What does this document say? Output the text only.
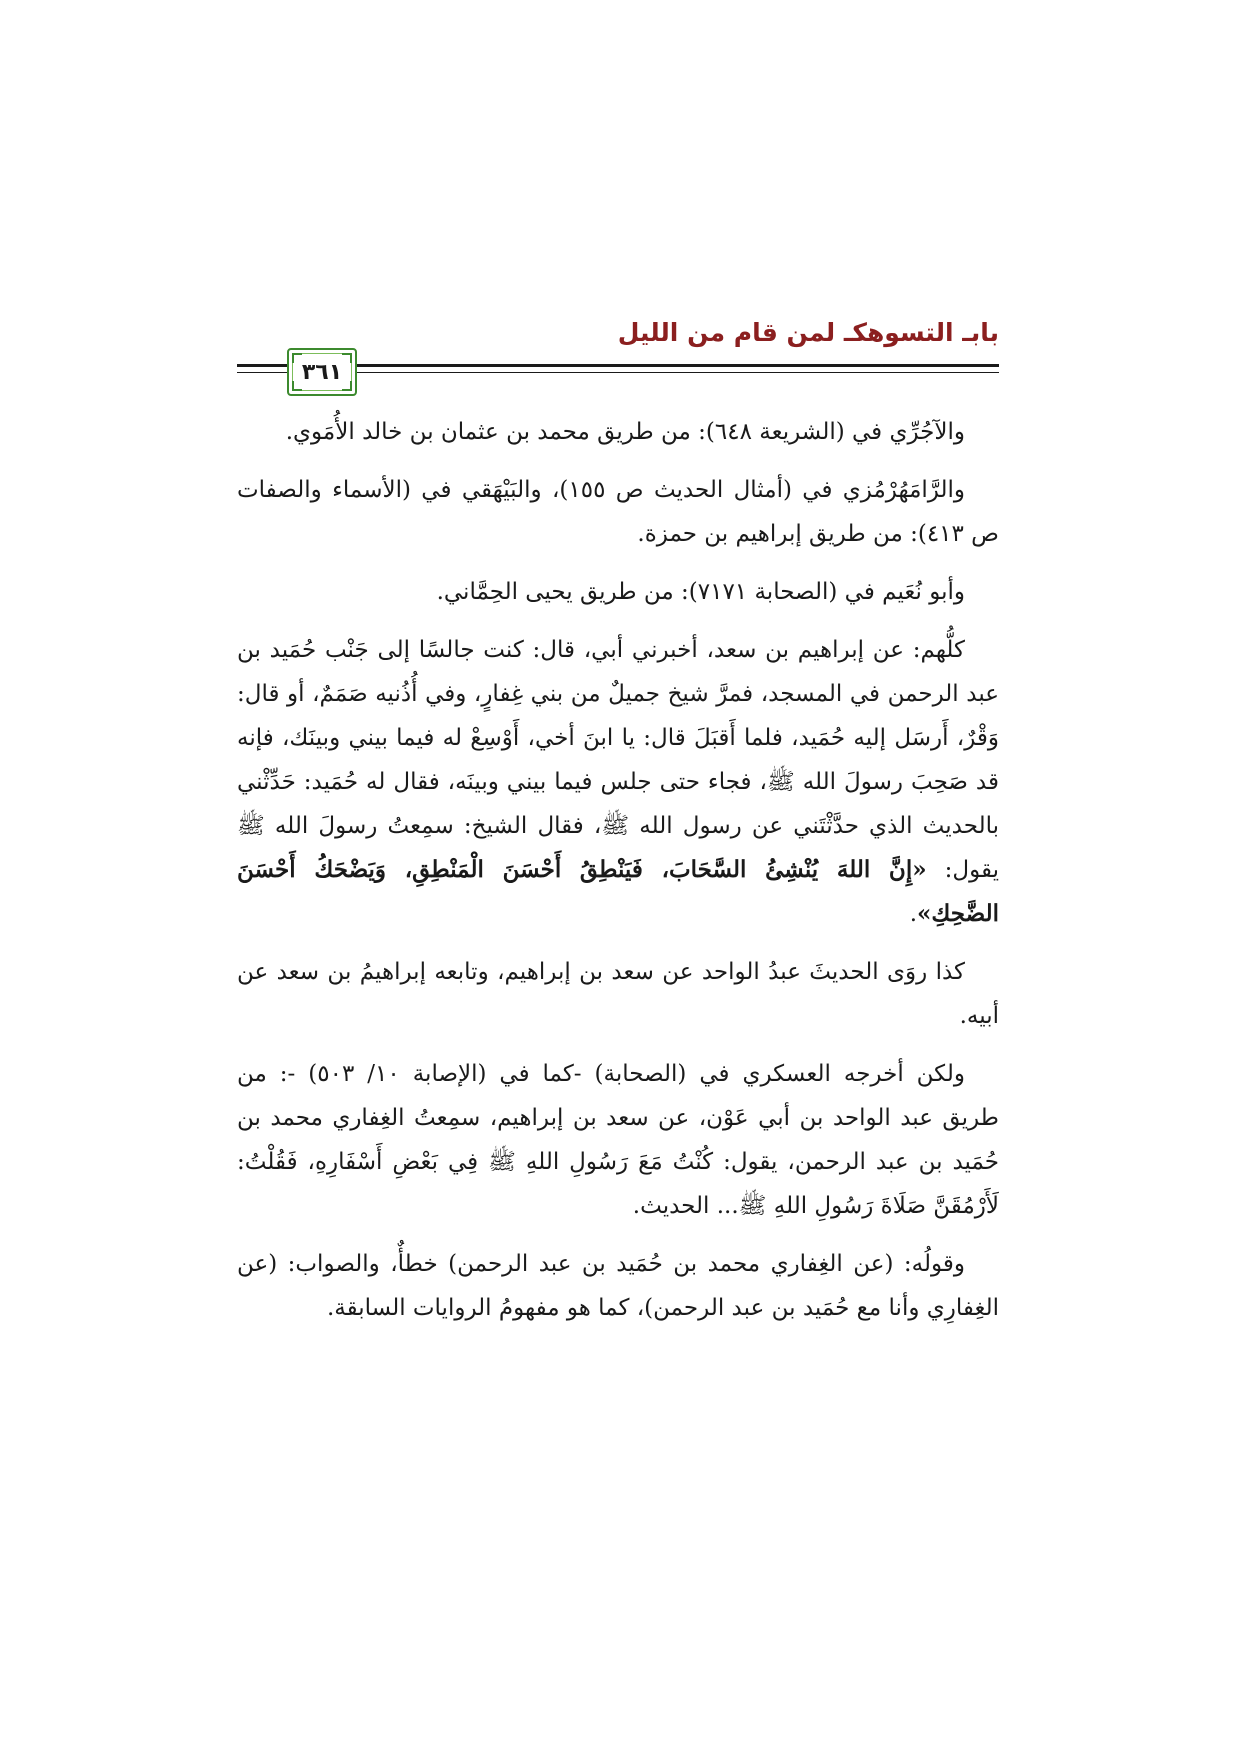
بابـ التسوهكـ لمن قام من الليل
٣٦١

والآجُرِّي في (الشريعة ٦٤٨): من طريق محمد بن عثمان بن خالد الأُمَوي.

والرَّامَهُرْمُزي في (أمثال الحديث ص ١٥٥)، والبَيْهَقي في (الأسماء والصفات ص ٤١٣): من طريق إبراهيم بن حمزة.

وأبو نُعَيم في (الصحابة ٧١٧١): من طريق يحيى الحِمَّاني.

كلُّهم: عن إبراهيم بن سعد، أخبرني أبي، قال: كنت جالسًا إلى جَنْب حُمَيد بن عبد الرحمن في المسجد، فمرَّ شيخ جميلٌ من بني غِفارٍ، وفي أُذُنيه صَمَمٌ، أو قال: وَقْرٌ، أَرسَل إليه حُمَيد، فلما أَقبَلَ قال: يا ابنَ أخي، أَوْسِعْ له فيما بيني وبينَك، فإنه قد صَحِبَ رسولَ الله ﷺ، فجاء حتى جلس فيما بيني وبينَه، فقال له حُمَيد: حَدِّثْني بالحديث الذي حدَّثْتَني عن رسول الله ﷺ، فقال الشيخ: سمِعتُ رسولَ الله ﷺ يقول: «إِنَّ اللهَ يُنْشِئُ السَّحَابَ، فَيَنْطِقُ أَحْسَنَ الْمَنْطِقِ، وَيَضْحَكُ أَحْسَنَ الضَّحِكِ».

كذا روَى الحديثَ عبدُ الواحد عن سعد بن إبراهيم، وتابعه إبراهيمُ بن سعد عن أبيه.

ولكن أخرجه العسكري في (الصحابة) -كما في (الإصابة ١٠/ ٥٠٣) -: من طريق عبد الواحد بن أبي عَوْن، عن سعد بن إبراهيم، سمِعتُ الغِفاري محمد بن حُمَيد بن عبد الرحمن، يقول: كُنْتُ مَعَ رَسُولِ اللهِ ﷺ فِي بَعْضِ أَسْفَارِهِ، فَقُلْتُ: لَأَرْمُقَنَّ صَلَاةَ رَسُولِ اللهِ ﷺ... الحديث.

وقولُه: (عن الغِفاري محمد بن حُمَيد بن عبد الرحمن) خطأٌ، والصواب: (عن الغِفارِي وأنا مع حُمَيد بن عبد الرحمن)، كما هو مفهومُ الروايات السابقة.
